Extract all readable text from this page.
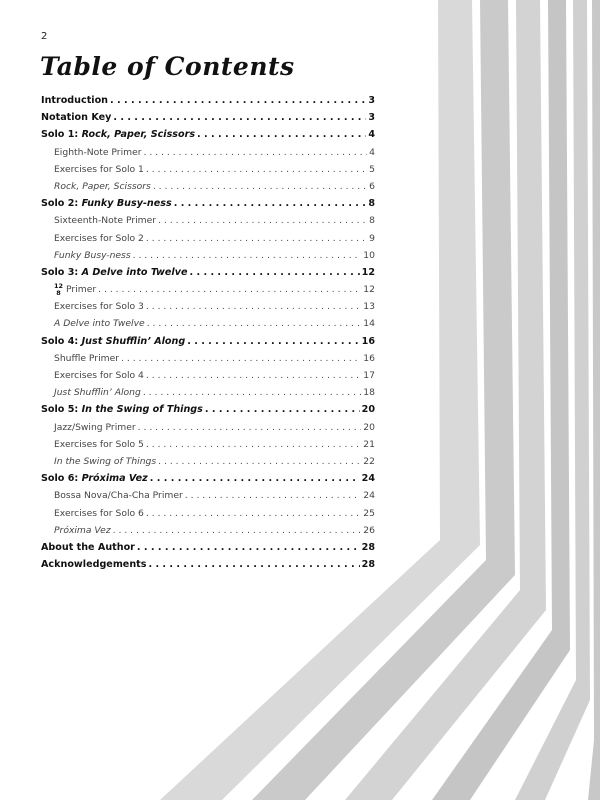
2
Table of Contents
Introduction . . .	3
Notation Key . . .	3
Solo 1: Rock, Paper, Scissors . . .	4
Eighth-Note Primer . . .	4
Exercises for Solo 1 . . .	5
Rock, Paper, Scissors . . .	6
Solo 2: Funky Busy-ness . . .	8
Sixteenth-Note Primer . . .	8
Exercises for Solo 2 . . .	9
Funky Busy-ness . . .	10
Solo 3: A Delve into Twelve . . .	12
12
8 Primer . . .	12
Exercises for Solo 3 . . .	13
A Delve into Twelve . . .	14
Solo 4: Just Shufflin’ Along . . .	16
Shuffle Primer . . .	16
Exercises for Solo 4 . . .	17
Just Shufflin’ Along . . .	18
Solo 5: In the Swing of Things . . .	20
Jazz/Swing Primer . . .	20
Exercises for Solo 5 . . .	21
In the Swing of Things . . .	22
Solo 6: Próxima Vez . . .	24
Bossa Nova/Cha-Cha Primer . . .	24
Exercises for Solo 6 . . .	25
Próxima Vez . . .	26
About the Author . . .	28
Acknowledgements . . .	28
